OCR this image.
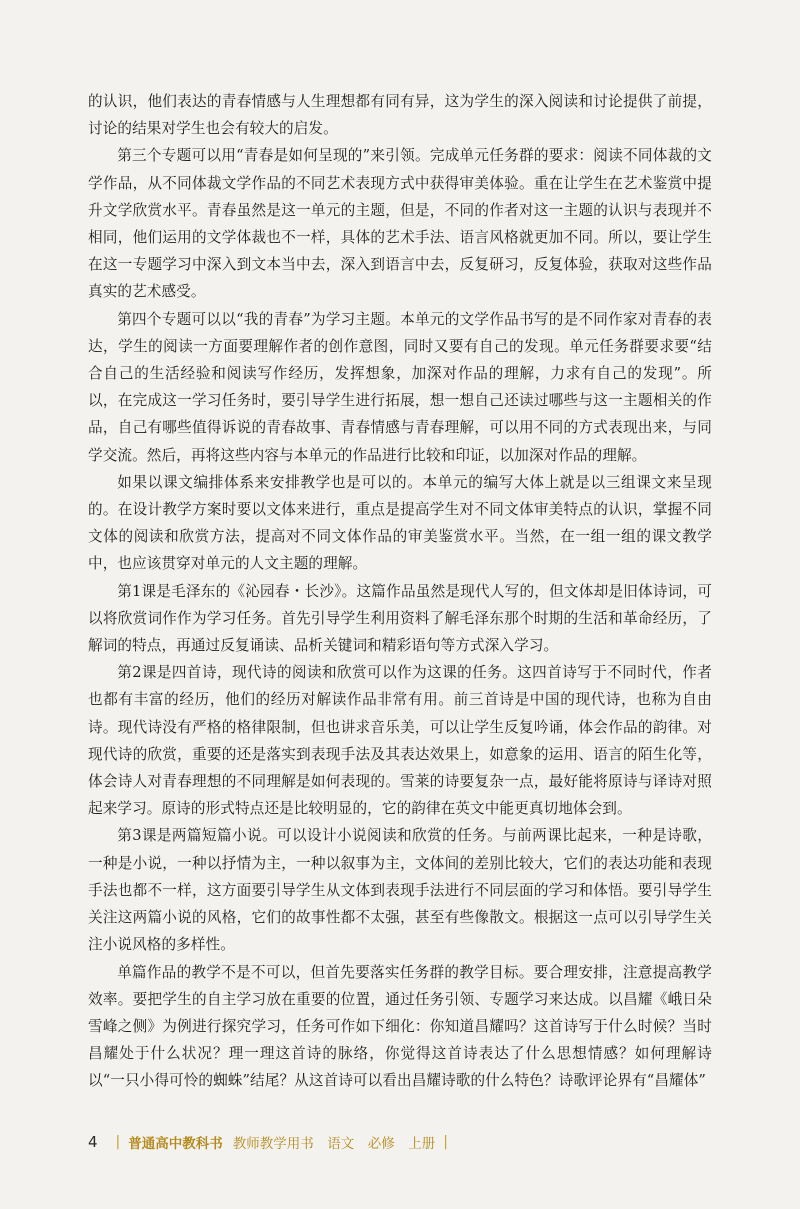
的认识，他们表达的青春情感与人生理想都有同有异，这为学生的深入阅读和讨论提供了前提，讨论的结果对学生也会有较大的启发。

第三个专题可以用“青春是如何呈现的”来引领。完成单元任务群的要求：阅读不同体裁的文学作品，从不同体裁文学作品的不同艺术表现方式中获得审美体验。重在让学生在艺术鉴赏中提升文学欣赏水平。青春虽然是这一单元的主题，但是，不同的作者对这一主题的认识与表现并不相同，他们运用的文学体裁也不一样，具体的艺术手法、语言风格就更加不同。所以，要让学生在这一专题学习中深入到文本当中去，深入到语言中去，反复研习，反复体验，获取对这些作品真实的艺术感受。

第四个专题可以以“我的青春”为学习主题。本单元的文学作品书写的是不同作家对青春的表达，学生的阅读一方面要理解作者的创作意图，同时又要有自己的发现。单元任务群要求要“结合自己的生活经验和阅读写作经历，发挥想象，加深对作品的理解，力求有自己的发现”。所以，在完成这一学习任务时，要引导学生进行拓展，想一想自己还读过哪些与这一主题相关的作品，自己有哪些值得诉说的青春故事、青春情感与青春理解，可以用不同的方式表现出来，与同学交流。然后，再将这些内容与本单元的作品进行比较和印证，以加深对作品的理解。

如果以课文编排体系来安排教学也是可以的。本单元的编写大体上就是以三组课文来呈现的。在设计教学方案时要以文体来进行，重点是提高学生对不同文体审美特点的认识，掌握不同文体的阅读和欣赏方法，提高对不同文体作品的审美鉴赏水平。当然，在一组一组的课文教学中，也应该贯穿对单元的人文主题的理解。

第1课是毛泽东的《沁园春・长沙》。这篇作品虽然是现代人写的，但文体却是旧体诗词，可以将欣赏词作作为学习任务。首先引导学生利用资料了解毛泽东那个时期的生活和革命经历，了解词的特点，再通过反复诵读、品析关键词和精彩语句等方式深入学习。

第2课是四首诗，现代诗的阅读和欣赏可以作为这课的任务。这四首诗写于不同时代，作者也都有丰富的经历，他们的经历对解读作品非常有用。前三首诗是中国的现代诗，也称为自由诗。现代诗没有严格的格律限制，但也讲求音乐美，可以让学生反复吟诵，体会作品的韵律。对现代诗的欣赏，重要的还是落实到表现手法及其表达效果上，如意象的运用、语言的陌生化等，体会诗人对青春理想的不同理解是如何表现的。雪莱的诗要复杂一点，最好能将原诗与译诗对照起来学习。原诗的形式特点还是比较明显的，它的韵律在英文中能更真切地体会到。

第3课是两篇短篇小说。可以设计小说阅读和欣赏的任务。与前两课比起来，一种是诗歌，一种是小说，一种以抒情为主，一种以叙事为主，文体间的差别比较大，它们的表达功能和表现手法也都不一样，这方面要引导学生从文体到表现手法进行不同层面的学习和体悟。要引导学生关注这两篇小说的风格，它们的故事性都不太强，甚至有些像散文。根据这一点可以引导学生关注小说风格的多样性。

单篇作品的教学不是不可以，但首先要落实任务群的教学目标。要合理安排，注意提高教学效率。要把学生的自主学习放在重要的位置，通过任务引领、专题学习来达成。以昌耀《峨日朵雪峰之侧》为例进行探究学习，任务可作如下细化：你知道昌耀吗？这首诗写于什么时候？当时昌耀处于什么状况？理一理这首诗的脉络，你觉得这首诗表达了什么思想情感？如何理解诗以“一只小得可怜的蜘蛛”结尾？从这首诗可以看出昌耀诗歌的什么特色？诗歌评论界有“昌耀体”

4 | 普通高中教科书 教师教学用书　语文　必修　上册 |
